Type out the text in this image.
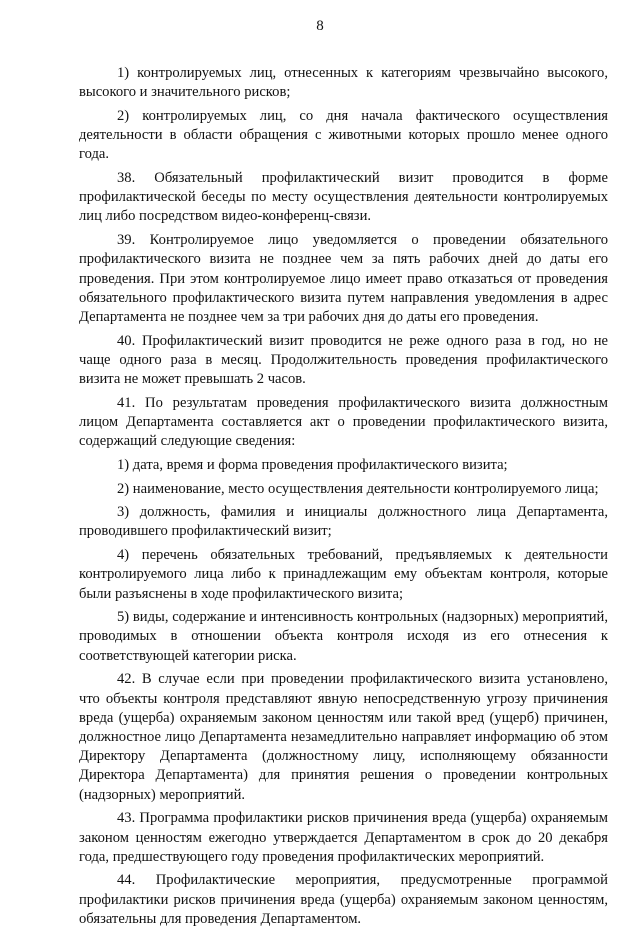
8

1) контролируемых лиц, отнесенных к категориям чрезвычайно высокого, высокого и значительного рисков;

2) контролируемых лиц, со дня начала фактического осуществления деятельности в области обращения с животными которых прошло менее одного года.

38. Обязательный профилактический визит проводится в форме профилактической беседы по месту осуществления деятельности контролируемых лиц либо посредством видео-конференц-связи.

39. Контролируемое лицо уведомляется о проведении обязательного профилактического визита не позднее чем за пять рабочих дней до даты его проведения. При этом контролируемое лицо имеет право отказаться от проведения обязательного профилактического визита путем направления уведомления в адрес Департамента не позднее чем за три рабочих дня до даты его проведения.

40. Профилактический визит проводится не реже одного раза в год, но не чаще одного раза в месяц. Продолжительность проведения профилактического визита не может превышать 2 часов.

41. По результатам проведения профилактического визита должностным лицом Департамента составляется акт о проведении профилактического визита, содержащий следующие сведения:

1) дата, время и форма проведения профилактического визита;

2) наименование, место осуществления деятельности контролируемого лица;

3) должность, фамилия и инициалы должностного лица Департамента, проводившего профилактический визит;

4) перечень обязательных требований, предъявляемых к деятельности контролируемого лица либо к принадлежащим ему объектам контроля, которые были разъяснены в ходе профилактического визита;

5) виды, содержание и интенсивность контрольных (надзорных) мероприятий, проводимых в отношении объекта контроля исходя из его отнесения к соответствующей категории риска.

42. В случае если при проведении профилактического визита установлено, что объекты контроля представляют явную непосредственную угрозу причинения вреда (ущерба) охраняемым законом ценностям или такой вред (ущерб) причинен, должностное лицо Департамента незамедлительно направляет информацию об этом Директору Департамента (должностному лицу, исполняющему обязанности Директора Департамента) для принятия решения о проведении контрольных (надзорных) мероприятий.

43. Программа профилактики рисков причинения вреда (ущерба) охраняемым законом ценностям ежегодно утверждается Департаментом в срок до 20 декабря года, предшествующего году проведения профилактических мероприятий.

44. Профилактические мероприятия, предусмотренные программой профилактики рисков причинения вреда (ущерба) охраняемым законом ценностям, обязательны для проведения Департаментом.
